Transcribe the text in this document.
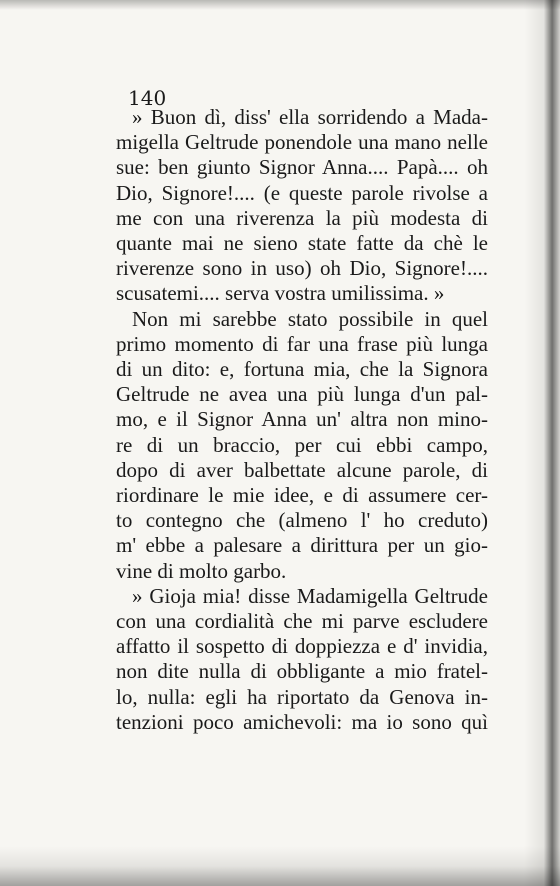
140
» Buon dì, diss' ella sorridendo a Mada-
migella Geltrude ponendole una mano nelle
sue: ben giunto Signor Anna.... Papà.... oh
Dio, Signore!.... (e queste parole rivolse a
me con una riverenza la più modesta di
quante mai ne sieno state fatte da chè le
riverenze sono in uso) oh Dio, Signore!....
scusatemi.... serva vostra umilissima. »
Non mi sarebbe stato possibile in quel
primo momento di far una frase più lunga
di un dito: e, fortuna mia, che la Signora
Geltrude ne avea una più lunga d'un pal-
mo, e il Signor Anna un' altra non mino-
re di un braccio, per cui ebbi campo,
dopo di aver balbettate alcune parole, di
riordinare le mie idee, e di assumere cer-
to contegno che (almeno l' ho creduto)
m' ebbe a palesare a dirittura per un gio-
vine di molto garbo.
» Gioja mia! disse Madamigella Geltrude
con una cordialità che mi parve escludere
affatto il sospetto di doppiezza e d' invidia,
non dite nulla di obbligante a mio fratel-
lo, nulla: egli ha riportato da Genova in-
tenzioni poco amichevoli: ma io sono quì
